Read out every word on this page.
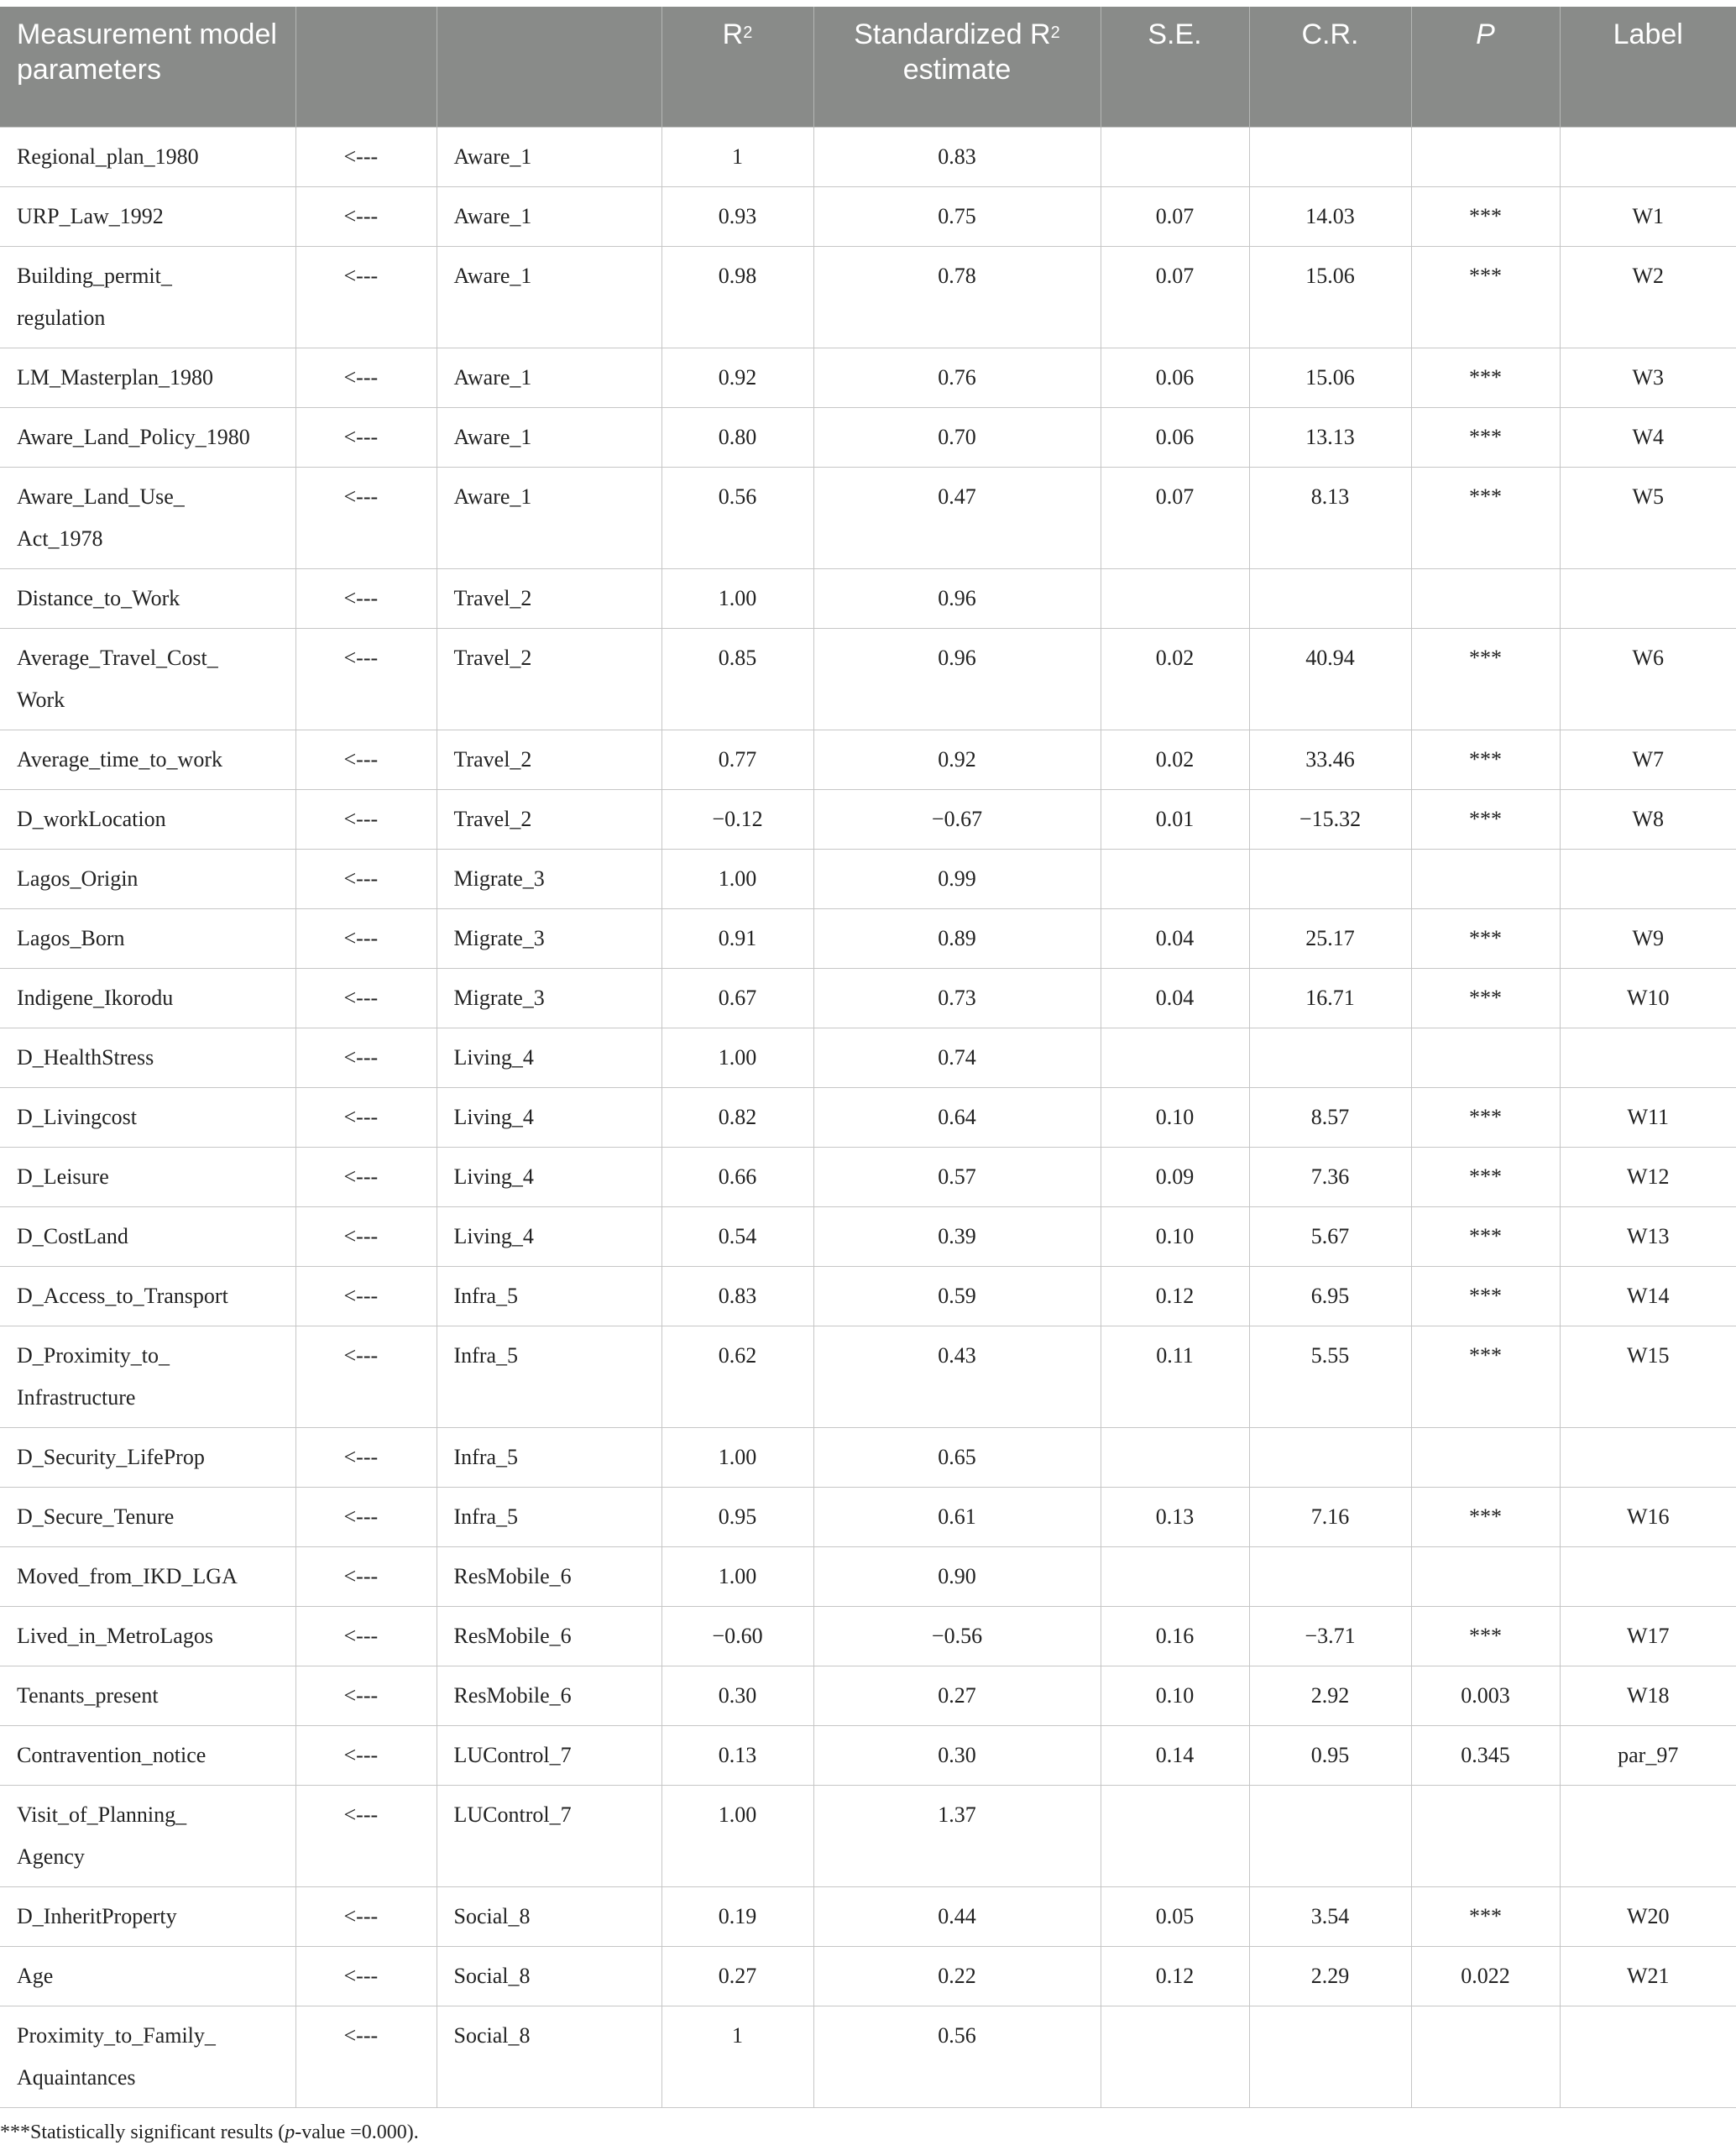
Measurement model parameters			$R^2$	Standardized $R^2$
estimate	S.E.	C.R.	P	Label
Regional_plan_1980	<---	Aware_1	1	0.83				
URP_Law_1992	<---	Aware_1	0.93	0.75	0.07	14.03	***	W1
Building_permit_
regulation	<---	Aware_1	0.98	0.78	0.07	15.06	***	W2
LM_Masterplan_1980	<---	Aware_1	0.92	0.76	0.06	15.06	***	W3
Aware_Land_Policy_1980	<---	Aware_1	0.80	0.70	0.06	13.13	***	W4
Aware_Land_Use_
Act_1978	<---	Aware_1	0.56	0.47	0.07	8.13	***	W5
Distance_to_Work	<---	Travel_2	1.00	0.96				
Average_Travel_Cost_
Work	<---	Travel_2	0.85	0.96	0.02	40.94	***	W6
Average_time_to_work	<---	Travel_2	0.77	0.92	0.02	33.46	***	W7
D_workLocation	<---	Travel_2	−0.12	−0.67	0.01	−15.32	***	W8
Lagos_Origin	<---	Migrate_3	1.00	0.99				
Lagos_Born	<---	Migrate_3	0.91	0.89	0.04	25.17	***	W9
Indigene_Ikorodu	<---	Migrate_3	0.67	0.73	0.04	16.71	***	W10
D_HealthStress	<---	Living_4	1.00	0.74				
D_Livingcost	<---	Living_4	0.82	0.64	0.10	8.57	***	W11
D_Leisure	<---	Living_4	0.66	0.57	0.09	7.36	***	W12
D_CostLand	<---	Living_4	0.54	0.39	0.10	5.67	***	W13
D_Access_to_Transport	<---	Infra_5	0.83	0.59	0.12	6.95	***	W14
D_Proximity_to_
Infrastructure	<---	Infra_5	0.62	0.43	0.11	5.55	***	W15
D_Security_LifeProp	<---	Infra_5	1.00	0.65				
D_Secure_Tenure	<---	Infra_5	0.95	0.61	0.13	7.16	***	W16
Moved_from_IKD_LGA	<---	ResMobile_6	1.00	0.90				
Lived_in_MetroLagos	<---	ResMobile_6	−0.60	−0.56	0.16	−3.71	***	W17
Tenants_present	<---	ResMobile_6	0.30	0.27	0.10	2.92	0.003	W18
Contravention_notice	<---	LUControl_7	0.13	0.30	0.14	0.95	0.345	par_97
Visit_of_Planning_
Agency	<---	LUControl_7	1.00	1.37				
D_InheritProperty	<---	Social_8	0.19	0.44	0.05	3.54	***	W20
Age	<---	Social_8	0.27	0.22	0.12	2.29	0.022	W21
Proximity_to_Family_
Aquaintances	<---	Social_8	1	0.56				
***Statistically significant results (p-value =0.000).
